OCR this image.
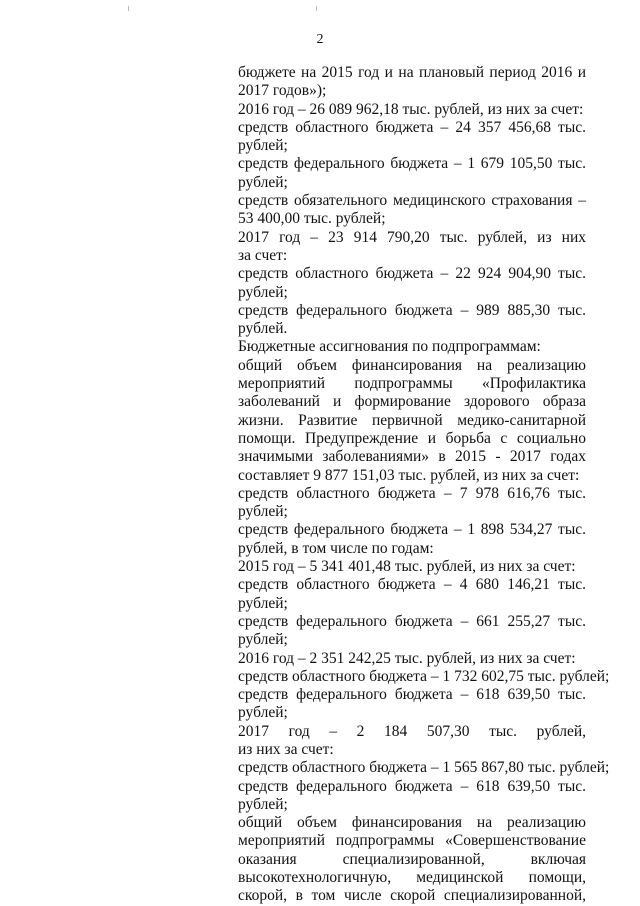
2
бюджете на 2015 год и на плановый период 2016 и
2017 годов»);
2016 год – 26 089 962,18 тыс. рублей, из них за счет:
средств областного бюджета – 24 357 456,68 тыс.
рублей;
средств федерального бюджета – 1 679 105,50 тыс.
рублей;
средств обязательного медицинского страхования –
53 400,00 тыс. рублей;
2017 год – 23 914 790,20 тыс. рублей, из них
за счет:
средств областного бюджета – 22 924 904,90 тыс.
рублей;
средств федерального бюджета – 989 885,30 тыс.
рублей.
Бюджетные ассигнования по подпрограммам:
общий объем финансирования на реализацию
мероприятий подпрограммы «Профилактика
заболеваний и формирование здорового образа
жизни. Развитие первичной медико-санитарной
помощи. Предупреждение и борьба с социально
значимыми заболеваниями» в 2015 - 2017 годах
составляет 9 877 151,03 тыс. рублей, из них за счет:
средств областного бюджета – 7 978 616,76 тыс.
рублей;
средств федерального бюджета – 1 898 534,27 тыс.
рублей, в том числе по годам:
2015 год – 5 341 401,48 тыс. рублей, из них за счет:
средств областного бюджета – 4 680 146,21 тыс.
рублей;
средств федерального бюджета – 661 255,27 тыс.
рублей;
2016 год – 2 351 242,25 тыс. рублей, из них за счет:
средств областного бюджета – 1 732 602,75 тыс. рублей;
средств федерального бюджета – 618 639,50 тыс.
рублей;
2017 год – 2 184 507,30 тыс. рублей,
из них за счет:
средств областного бюджета – 1 565 867,80 тыс. рублей;
средств федерального бюджета – 618 639,50 тыс.
рублей;
общий объем финансирования на реализацию
мероприятий подпрограммы «Совершенствование
оказания специализированной, включая
высокотехнологичную, медицинской помощи,
скорой, в том числе скорой специализированной,
